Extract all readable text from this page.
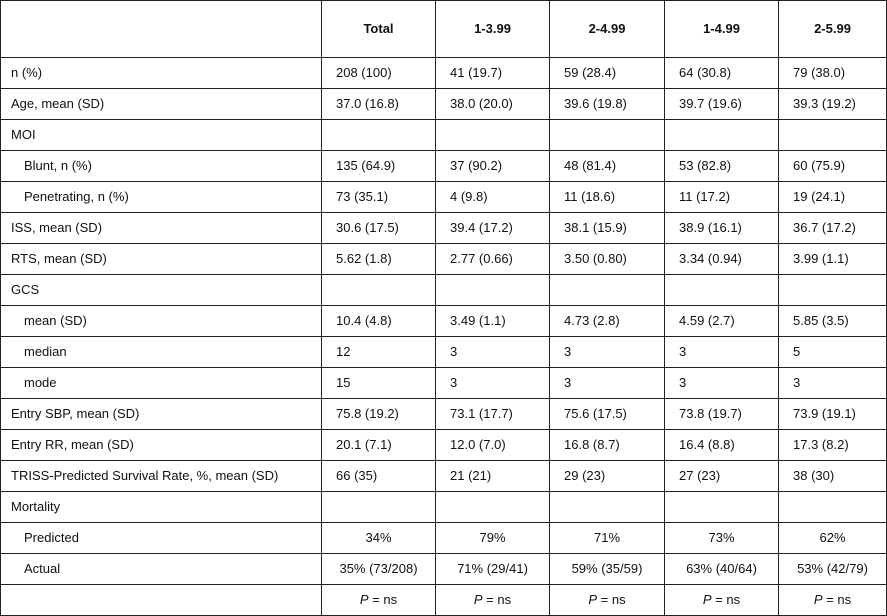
	Total	1-3.99	2-4.99	1-4.99	2-5.99
n (%)	208 (100)	41 (19.7)	59 (28.4)	64 (30.8)	79 (38.0)
Age, mean (SD)	37.0 (16.8)	38.0 (20.0)	39.6 (19.8)	39.7 (19.6)	39.3 (19.2)
MOI					
Blunt, n (%)	135 (64.9)	37 (90.2)	48 (81.4)	53 (82.8)	60 (75.9)
Penetrating, n (%)	73 (35.1)	4 (9.8)	11 (18.6)	11 (17.2)	19 (24.1)
ISS, mean (SD)	30.6 (17.5)	39.4 (17.2)	38.1 (15.9)	38.9 (16.1)	36.7 (17.2)
RTS, mean (SD)	5.62 (1.8)	2.77 (0.66)	3.50 (0.80)	3.34 (0.94)	3.99 (1.1)
GCS					
mean (SD)	10.4 (4.8)	3.49 (1.1)	4.73 (2.8)	4.59 (2.7)	5.85 (3.5)
median	12	3	3	3	5
mode	15	3	3	3	3
Entry SBP, mean (SD)	75.8 (19.2)	73.1 (17.7)	75.6 (17.5)	73.8 (19.7)	73.9 (19.1)
Entry RR, mean (SD)	20.1 (7.1)	12.0 (7.0)	16.8 (8.7)	16.4 (8.8)	17.3 (8.2)
TRISS-Predicted Survival Rate, %, mean (SD)	66 (35)	21 (21)	29 (23)	27 (23)	38 (30)
Mortality					
Predicted	34%	79%	71%	73%	62%
Actual	35% (73/208)	71% (29/41)	59% (35/59)	63% (40/64)	53% (42/79)
	P = ns	P = ns	P = ns	P = ns	P = ns
